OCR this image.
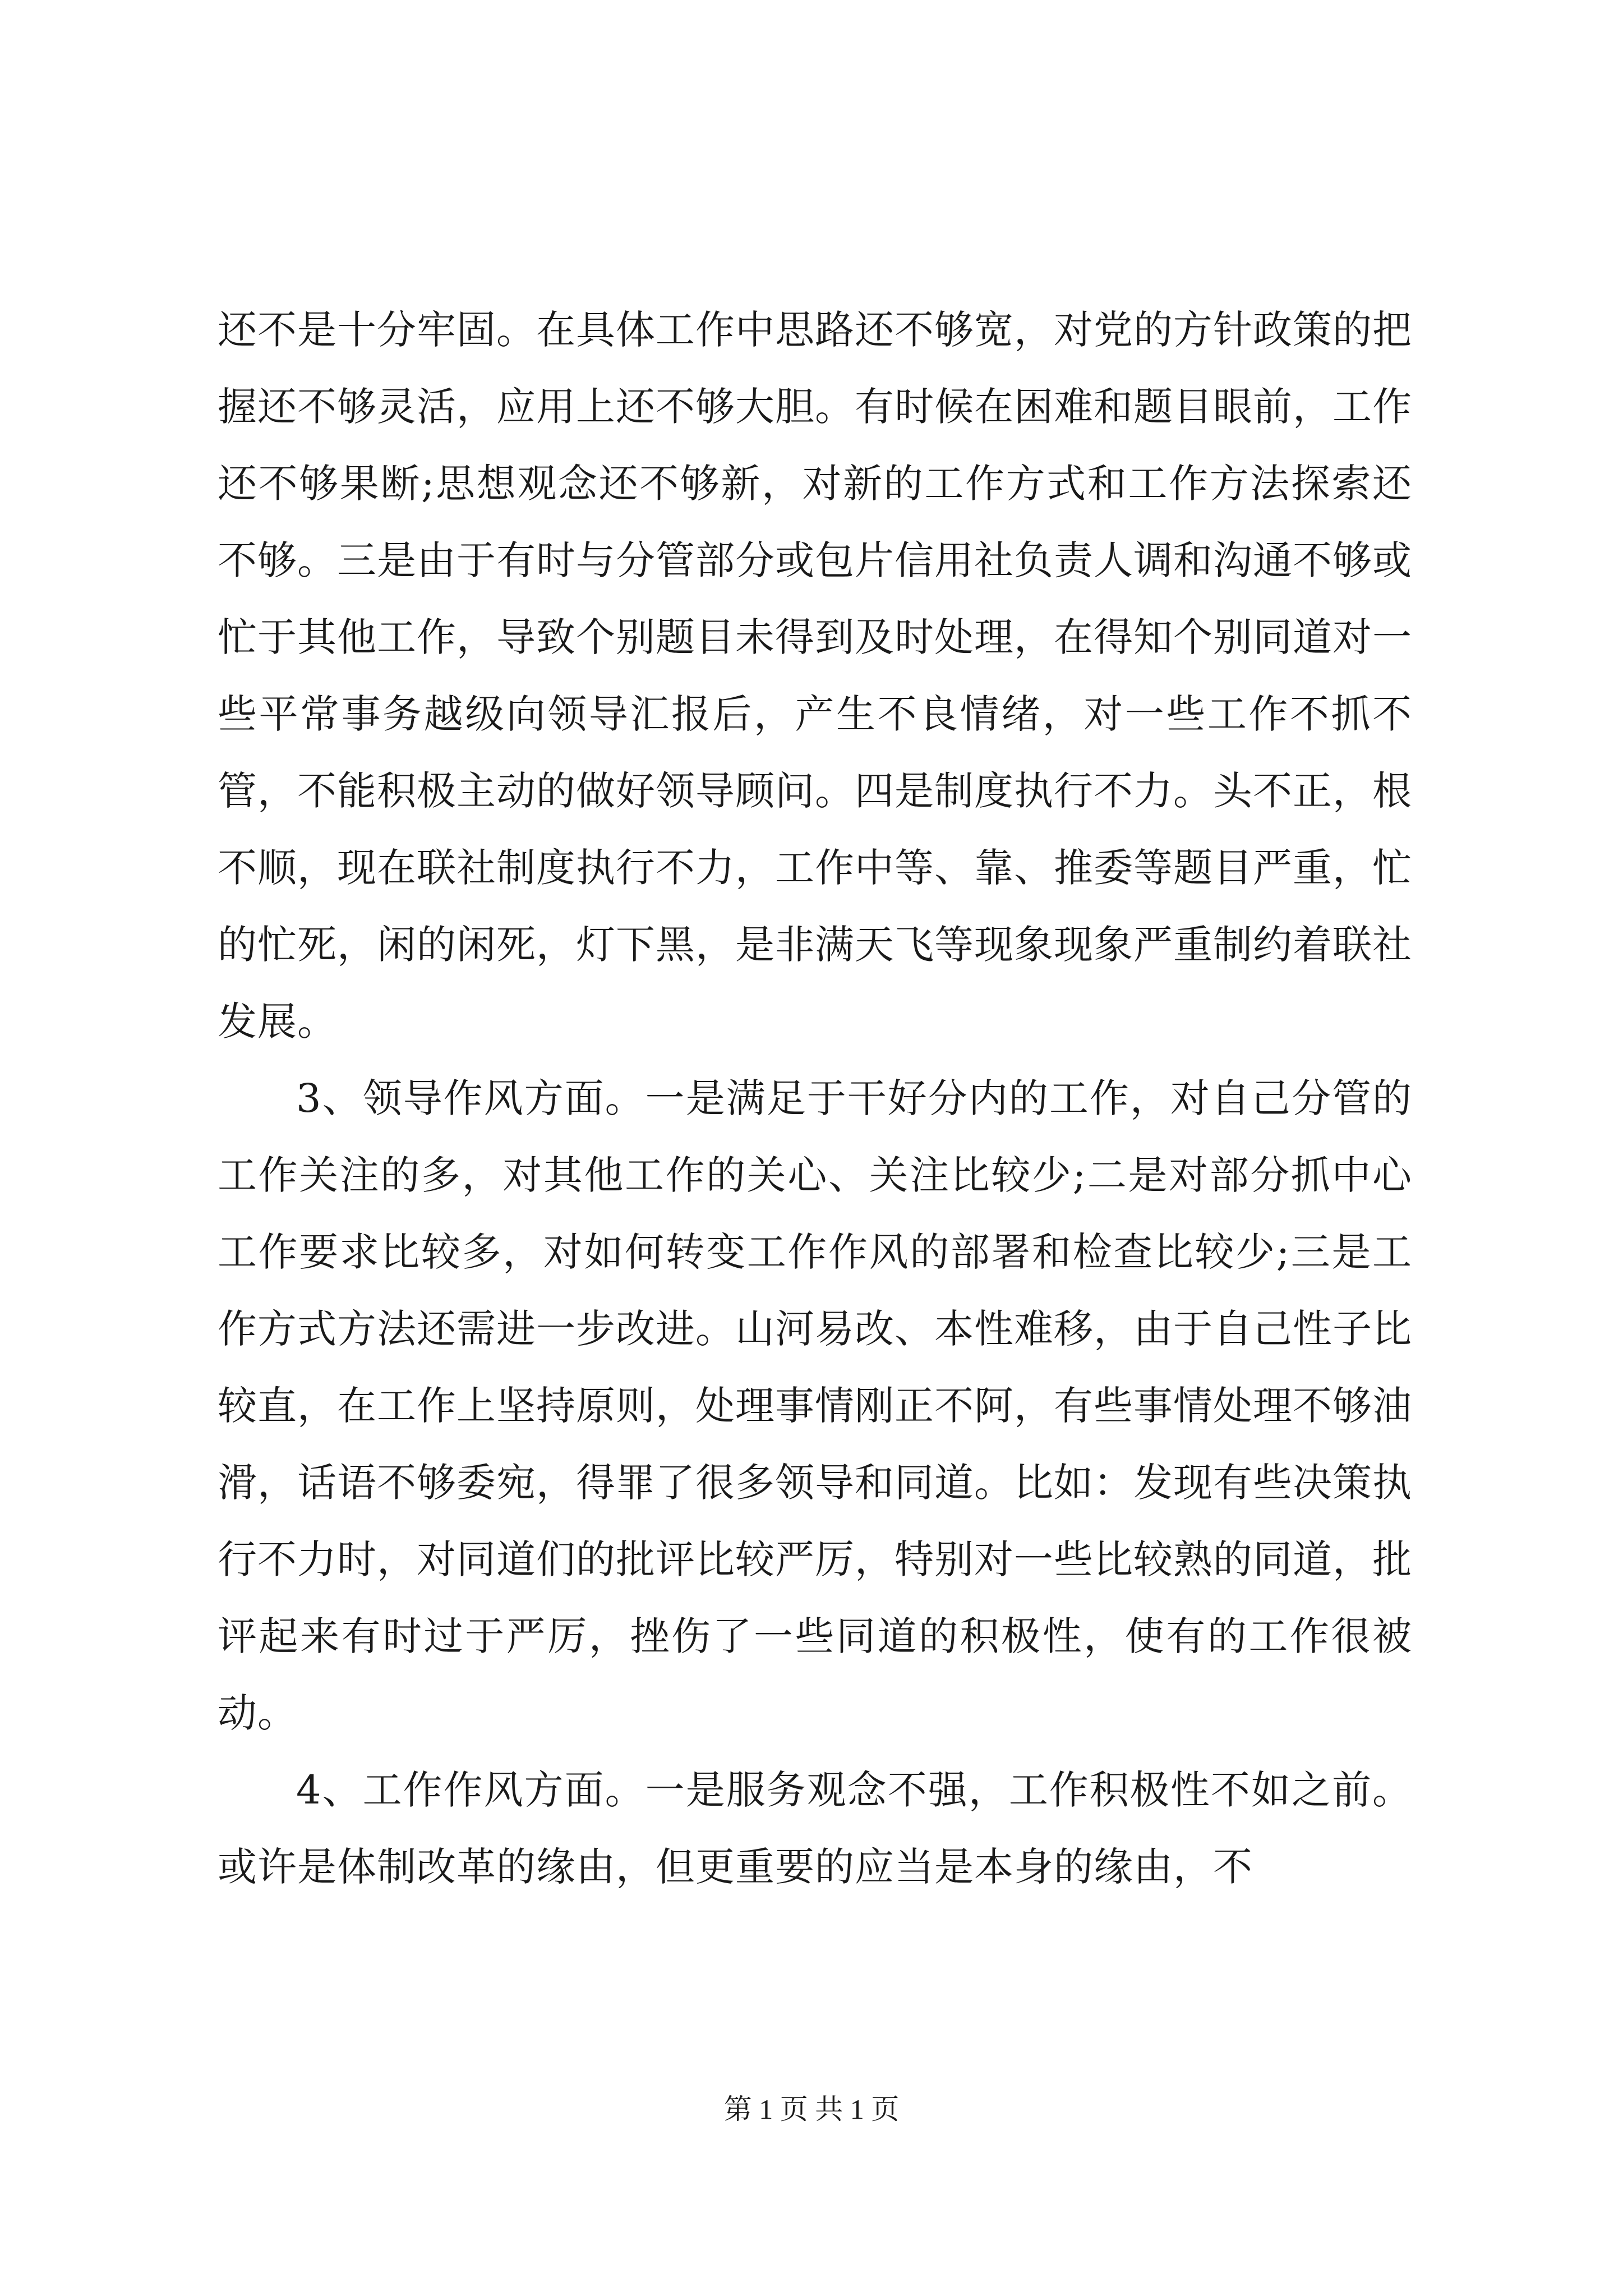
还不是十分牢固。在具体工作中思路还不够宽，对党的方针政策的把握还不够灵活，应用上还不够大胆。有时候在困难和题目眼前，工作还不够果断;思想观念还不够新，对新的工作方式和工作方法探索还不够。三是由于有时与分管部分或包片信用社负责人调和沟通不够或忙于其他工作，导致个别题目未得到及时处理，在得知个别同道对一些平常事务越级向领导汇报后，产生不良情绪，对一些工作不抓不管，不能积极主动的做好领导顾问。四是制度执行不力。头不正，根不顺，现在联社制度执行不力，工作中等、靠、推委等题目严重，忙的忙死，闲的闲死，灯下黑，是非满天飞等现象现象严重制约着联社发展。

3、领导作风方面。一是满足于干好分内的工作，对自己分管的工作关注的多，对其他工作的关心、关注比较少;二是对部分抓中心工作要求比较多，对如何转变工作作风的部署和检查比较少;三是工作方式方法还需进一步改进。山河易改、本性难移，由于自己性子比较直，在工作上坚持原则，处理事情刚正不阿，有些事情处理不够油滑，话语不够委宛，得罪了很多领导和同道。比如：发现有些决策执行不力时，对同道们的批评比较严厉，特别对一些比较熟的同道，批评起来有时过于严厉，挫伤了一些同道的积极性，使有的工作很被动。

4、工作作风方面。一是服务观念不强，工作积极性不如之前。或许是体制改革的缘由，但更重要的应当是本身的缘由，不

第 1 页 共 1 页
